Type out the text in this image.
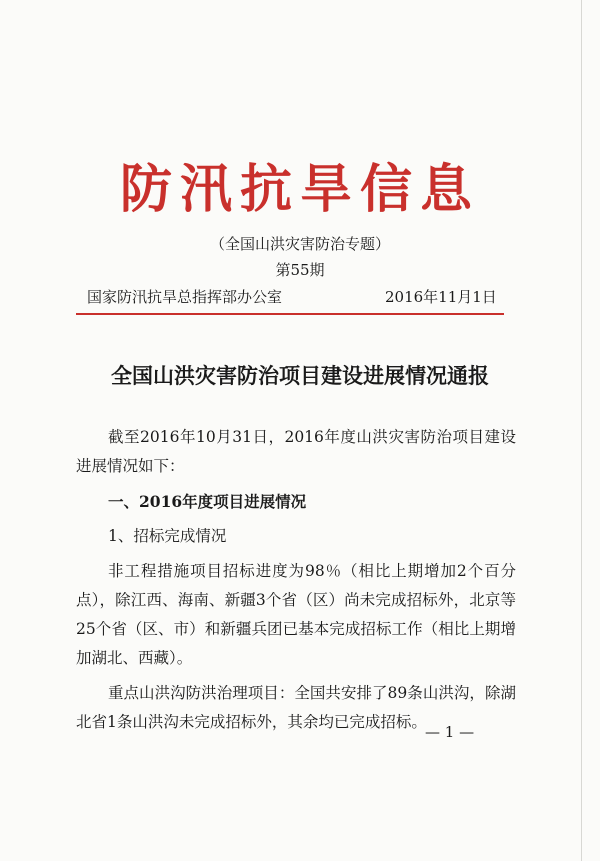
防汛抗旱信息
（全国山洪灾害防治专题）
第55期
国家防汛抗旱总指挥部办公室	2016年11月1日
全国山洪灾害防治项目建设进展情况通报

截至2016年10月31日，2016年度山洪灾害防治项目建设进展情况如下：

一、2016年度项目进展情况

1、招标完成情况

非工程措施项目招标进度为98％（相比上期增加2个百分点），除江西、海南、新疆3个省（区）尚未完成招标外，北京等25个省（区、市）和新疆兵团已基本完成招标工作（相比上期增加湖北、西藏）。

重点山洪沟防洪治理项目：全国共安排了89条山洪沟，除湖北省1条山洪沟未完成招标外，其余均已完成招标。

— 1 —
